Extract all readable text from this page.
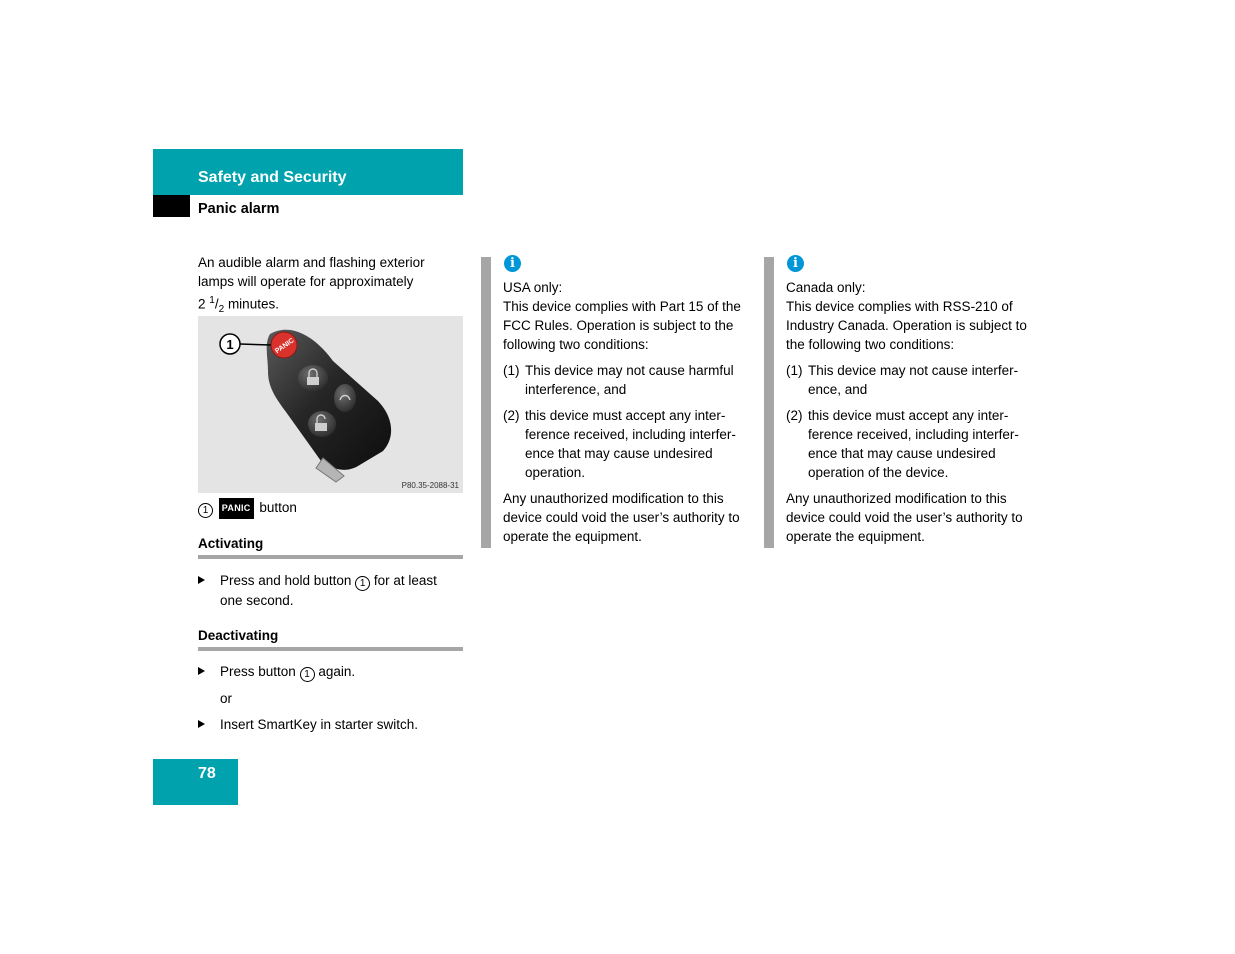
Safety and Security
Panic alarm
An audible alarm and flashing exterior lamps will operate for approximately
2 $^1/_2$ minutes.
PANIC
1
P80.35-2088-31
1 PANIC button
Activating
Press and hold button 1 for at least one second.
Deactivating
Press button 1 again.
or
Insert SmartKey in starter switch.
i

USA only:

This device complies with Part 15 of the FCC Rules. Operation is subject to the following two conditions:

(1) This device may not cause harmful interference, and
(2) this device must accept any interference received, including interference that may cause undesired operation.

Any unauthorized modification to this device could void the user’s authority to operate the equipment.

i

Canada only:

This device complies with RSS-210 of Industry Canada. Operation is subject to the following two conditions:

(1) This device may not cause interference, and
(2) this device must accept any interference received, including interference that may cause undesired operation of the device.

Any unauthorized modification to this device could void the user’s authority to operate the equipment.

78
